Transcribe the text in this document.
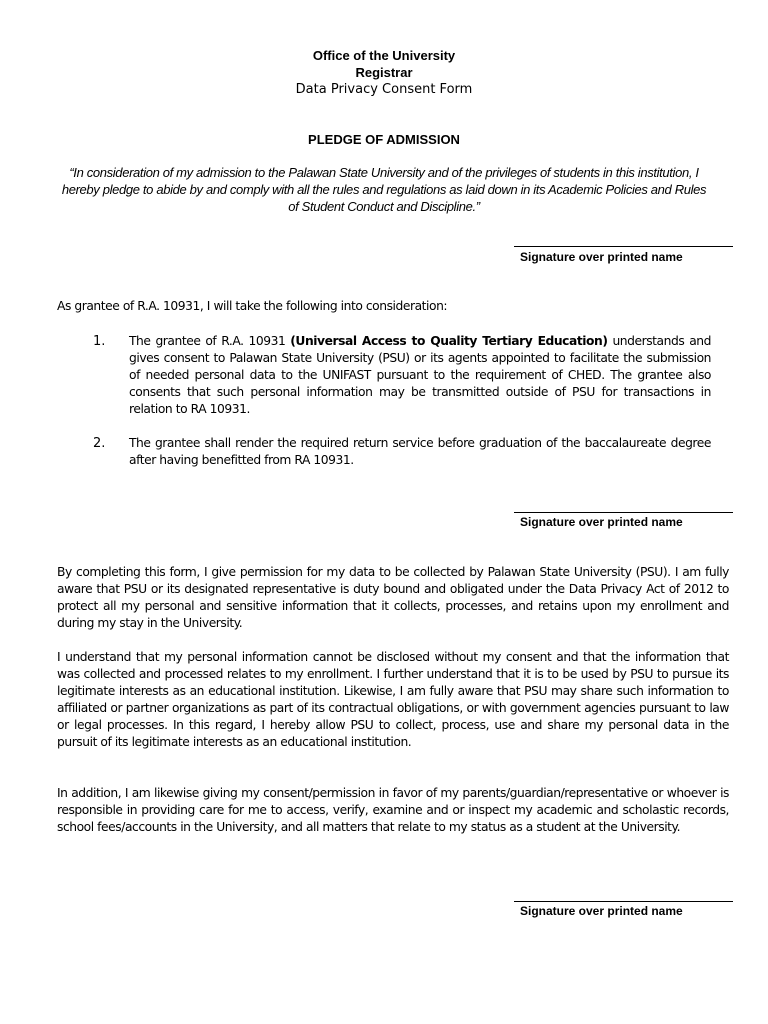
Office of the University
Registrar
Data Privacy Consent Form
PLEDGE OF ADMISSION
“In consideration of my admission to the Palawan State University and of the privileges of students in this institution, I hereby pledge to abide by and comply with all the rules and regulations as laid down in its Academic Policies and Rules of Student Conduct and Discipline.”
Signature over printed name
As grantee of R.A. 10931, I will take the following into consideration:
1. The grantee of R.A. 10931 (Universal Access to Quality Tertiary Education) understands and gives consent to Palawan State University (PSU) or its agents appointed to facilitate the submission of needed personal data to the UNIFAST pursuant to the requirement of CHED. The grantee also consents that such personal information may be transmitted outside of PSU for transactions in relation to RA 10931.
2. The grantee shall render the required return service before graduation of the baccalaureate degree after having benefitted from RA 10931.
Signature over printed name
By completing this form, I give permission for my data to be collected by Palawan State University (PSU). I am fully aware that PSU or its designated representative is duty bound and obligated under the Data Privacy Act of 2012 to protect all my personal and sensitive information that it collects, processes, and retains upon my enrollment and during my stay in the University.
I understand that my personal information cannot be disclosed without my consent and that the information that was collected and processed relates to my enrollment. I further understand that it is to be used by PSU to pursue its legitimate interests as an educational institution. Likewise, I am fully aware that PSU may share such information to affiliated or partner organizations as part of its contractual obligations, or with government agencies pursuant to law or legal processes. In this regard, I hereby allow PSU to collect, process, use and share my personal data in the pursuit of its legitimate interests as an educational institution.
In addition, I am likewise giving my consent/permission in favor of my parents/guardian/representative or whoever is responsible in providing care for me to access, verify, examine and or inspect my academic and scholastic records, school fees/accounts in the University, and all matters that relate to my status as a student at the University.
Signature over printed name
